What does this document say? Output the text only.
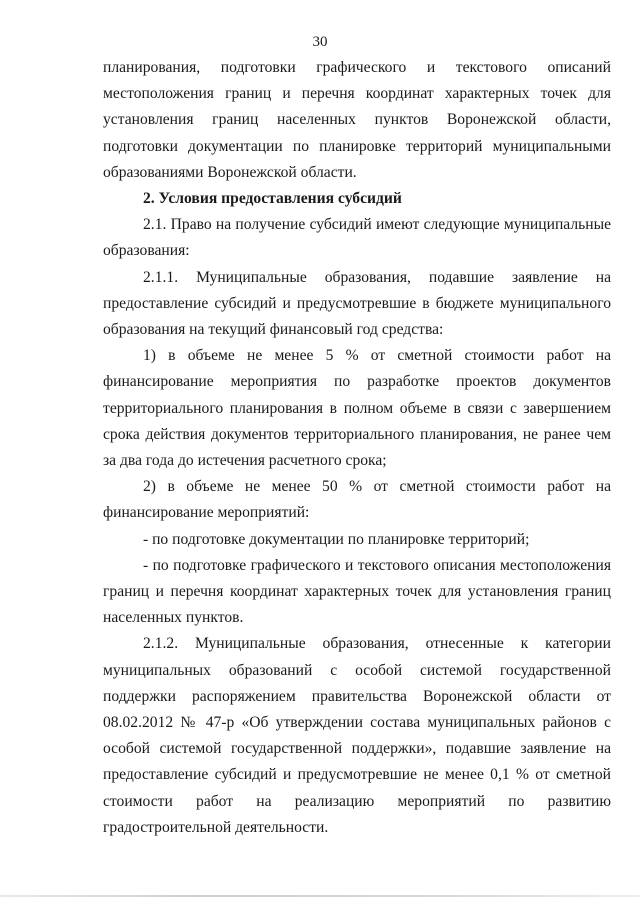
30

планирования, подготовки графического и текстового описаний местоположения границ и перечня координат характерных точек для установления границ населенных пунктов Воронежской области, подготовки документации по планировке территорий муниципальными образованиями Воронежской области.

2. Условия предоставления субсидий

2.1. Право на получение субсидий имеют следующие муниципальные образования:

2.1.1. Муниципальные образования, подавшие заявление на предоставление субсидий и предусмотревшие в бюджете муниципального образования на текущий финансовый год средства:

1) в объеме не менее 5 % от сметной стоимости работ на финансирование мероприятия по разработке проектов документов территориального планирования в полном объеме в связи с завершением срока действия документов территориального планирования, не ранее чем за два года до истечения расчетного срока;

2) в объеме не менее 50 % от сметной стоимости работ на финансирование мероприятий:

- по подготовке документации по планировке территорий;

- по подготовке графического и текстового описания местоположения границ и перечня координат характерных точек для установления границ населенных пунктов.

2.1.2. Муниципальные образования, отнесенные к категории муниципальных образований с особой системой государственной поддержки распоряжением правительства Воронежской области от 08.02.2012 № 47-р «Об утверждении состава муниципальных районов с особой системой государственной поддержки», подавшие заявление на предоставление субсидий и предусмотревшие не менее 0,1 % от сметной стоимости работ на реализацию мероприятий по развитию градостроительной деятельности.
